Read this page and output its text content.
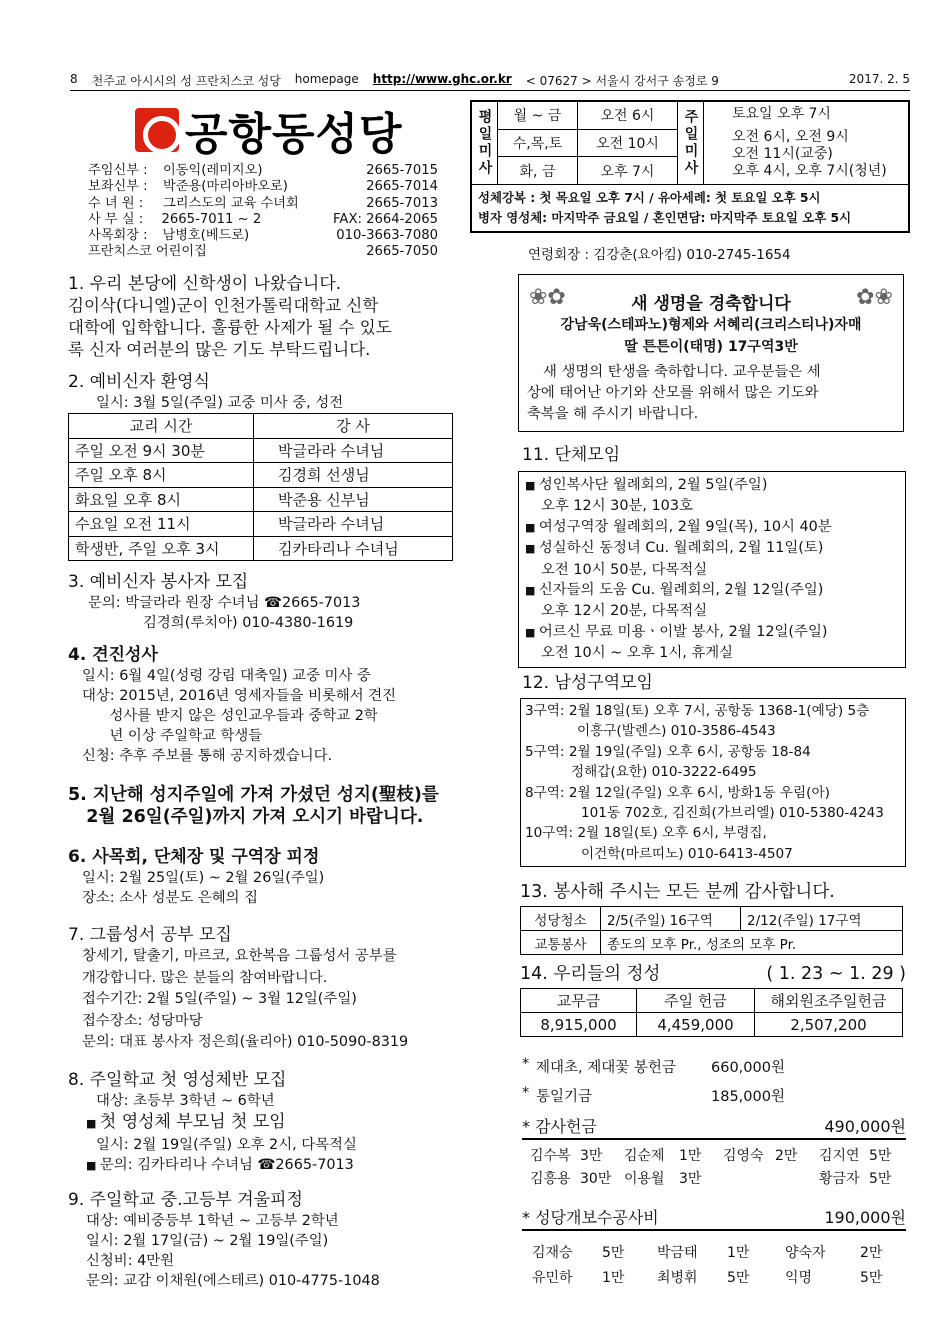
8 천주교 아시시의 성 프란치스코 성당 homepage http://www.ghc.or.kr < 07627 > 서울시 강서구 송정로 9	2017. 2. 5
공항동성당
주임신부 :	이동익(레미지오)	2665-7015
보좌신부 :	박준용(마리아바오로)	2665-7014
수 녀 원 :	그리스도의 교육 수녀회	2665-7013
사 무 실 :	2665-7011 ~ 2	FAX: 2664-2065
사목회장 :	남병호(베드로)	010-3663-7080
프란치스코 어린이집	2665-7050
평일미사	월 ~ 금	오전 6시
수,목,토	오전 10시
화, 금	오후 7시	주일미사	토요일 오후 7시
오전 6시, 오전 9시
오전 11시(교중)
오후 4시, 오후 7시(청년)
성체강복 : 첫 목요일 오후 7시 / 유아세례: 첫 토요일 오후 5시
병자 영성체: 마지막주 금요일 / 혼인면담: 마지막주 토요일 오후 5시
연령회장 : 김강춘(요아킴) 010-2745-1654
1. 우리 본당에 신학생이 나왔습니다.
김이삭(다니엘)군이 인천가톨릭대학교 신학
대학에 입학합니다. 훌륭한 사제가 될 수 있도
록 신자 여러분의 많은 기도 부탁드립니다.
2. 예비신자 환영식
일시: 3월 5일(주일) 교중 미사 중, 성전
교리 시간	강 사
주일 오전 9시 30분	박글라라 수녀님
주일 오후 8시	김경희 선생님
화요일 오후 8시	박준용 신부님
수요일 오전 11시	박글라라 수녀님
학생반, 주일 오후 3시	김카타리나 수녀님
3. 예비신자 봉사자 모집
문의: 박글라라 원장 수녀님 ☎2665-7013
김경희(루치아) 010-4380-1619
4. 견진성사
일시: 6월 4일(성령 강림 대축일) 교중 미사 중
대상: 2015년, 2016년 영세자들을 비롯해서 견진
성사를 받지 않은 성인교우들과 중학교 2학
년 이상 주일학교 학생들
신청: 추후 주보를 통해 공지하겠습니다.
5. 지난해 성지주일에 가져 가셨던 성지(聖枝)를
2월 26일(주일)까지 가져 오시기 바랍니다.
6. 사목회, 단체장 및 구역장 피정
일시: 2월 25일(토) ~ 2월 26일(주일)
장소: 소사 성분도 은혜의 집
7. 그룹성서 공부 모집
창세기, 탈출기, 마르코, 요한복음 그룹성서 공부를
개강합니다. 많은 분들의 참여바랍니다.
접수기간: 2월 5일(주일) ~ 3월 12일(주일)
접수장소: 성당마당
문의: 대표 봉사자 정은희(율리아) 010-5090-8319
8. 주일학교 첫 영성체반 모집
대상: 초등부 3학년 ~ 6학년
■ 첫 영성체 부모님 첫 모임
일시: 2월 19일(주일) 오후 2시, 다목적실
■ 문의: 김카타리나 수녀님 ☎2665-7013
9. 주일학교 중.고등부 겨울피정
대상: 예비중등부 1학년 ~ 고등부 2학년
일시: 2월 17일(금) ~ 2월 19일(주일)
신청비: 4만원
문의: 교감 이채원(에스테르) 010-4775-1048
❀✿	✿❀
새 생명을 경축합니다
강남욱(스테파노)형제와 서혜리(크리스티나)자매
딸 튼튼이(태명) 17구역3반
새 생명의 탄생을 축하합니다. 교우분들은 세
상에 태어난 아기와 산모를 위해서 많은 기도와
축복을 해 주시기 바랍니다.
11. 단체모임
■ 성인복사단 월례회의, 2월 5일(주일)
오후 12시 30분, 103호
■ 여성구역장 월례회의, 2월 9일(목), 10시 40분
■ 성실하신 동정녀 Cu. 월례회의, 2월 11일(토)
오전 10시 50분, 다목적실
■ 신자들의 도움 Cu. 월례회의, 2월 12일(주일)
오후 12시 20분, 다목적실
■ 어르신 무료 미용ㆍ이발 봉사, 2월 12일(주일)
오전 10시 ~ 오후 1시, 휴게실
12. 남성구역모임
3구역: 2월 18일(토) 오후 7시, 공항동 1368-1(예당) 5층
이흥구(발렌스) 010-3586-4543
5구역: 2월 19일(주일) 오후 6시, 공항동 18-84
정해갑(요한) 010-3222-6495
8구역: 2월 12일(주일) 오후 6시, 방화1동 우림(아)
101동 702호, 김진희(가브리엘) 010-5380-4243
10구역: 2월 18일(토) 오후 6시, 부령집,
이건학(마르띠노) 010-6413-4507
13. 봉사해 주시는 모든 분께 감사합니다.
성당청소	2/5(주일) 16구역	2/12(주일) 17구역
교통봉사	종도의 모후 Pr., 성조의 모후 Pr.	
14. 우리들의 정성	( 1. 23 ~ 1. 29 )
교무금	주일 헌금	해외원조주일헌금
8,915,000	4,459,000	2,507,200
* 제대초, 제대꽃 봉헌금	660,000원
* 통일기금	185,000원
* 감사헌금	490,000원
김수복 3만	김순제	1만	김영숙 2만	김지연 5만
김흥용 30만 이용월	3만	황금자 5만
* 성당개보수공사비	190,000원
김재승	5만	박금태	1만	양숙자	2만
유민하	1만	최병휘	5만	익명	5만
